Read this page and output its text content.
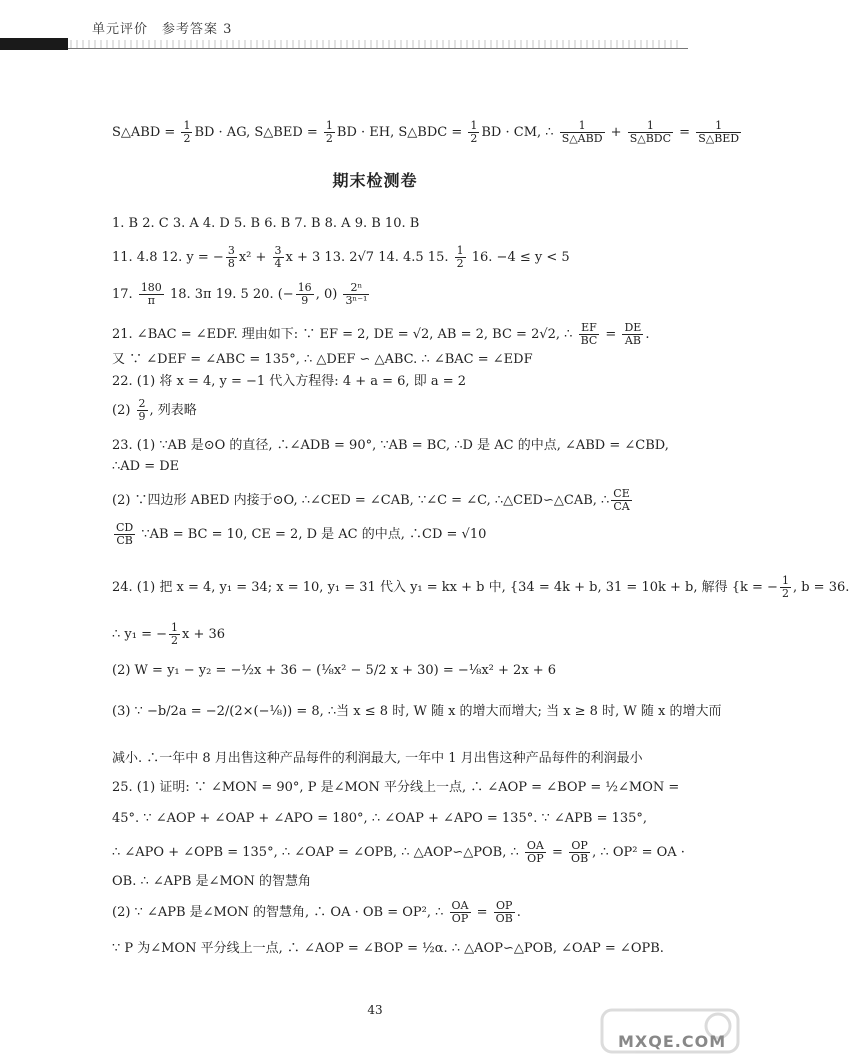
单元评价　参考答案 3
S△ABD = $\frac{1}{2}$ BD · AG, S△BED = $\frac{1}{2}$ BD · EH, S△BDC = $\frac{1}{2}$ BD · CM, ∴ $\frac{1}{\text{S△ABD}} + \frac{1}{\text{S△BDC}} = \frac{1}{\text{S△BED}}$
期末检测卷
1. B 2. C 3. A 4. D 5. B 6. B 7. B 8. A 9. B 10. B
11. 4.8 12. y = − $\frac{3}{8} x^2 + \frac{3}{4}$ x + 3 13. 2√7 14. 4.5 15. $\frac{1}{2} 16$. −4 ≤ y < 5
17. $\frac{180}{\pi} 18$. 3π 19. 5 20. (− $\frac{16}{9}$ , $0) \frac{\text{2ⁿ}}{\text{3ⁿ⁻¹}}$
21. ∠BAC = ∠EDF. 理由如下: ∵ EF = 2, DE = √2, AB = 2, BC = 2√2, ∴ $\frac{EF}{BC} = \frac{DE}{AB}$ .
又 ∵ ∠DEF = ∠ABC = 135°, ∴ △DEF ∽ △ABC. ∴ ∠BAC = ∠EDF
22. (1) 将 x = 4, y = −1 代入方程得: 4 + a = 6, 即 a = 2
$(2) \frac{2}{9}$ , 列表略
23. (1) ∵AB 是⊙O 的直径, ∴∠ADB = 90°, ∵AB = BC, ∴D 是 AC 的中点, ∠ABD = ∠CBD,
∴AD = DE
(2) ∵四边形 ABED 内接于⊙O, ∴∠CED = ∠CAB, ∵∠C = ∠C, ∴△CED∽△CAB, ∴ $\frac{CE}{CA}$
$\frac{CD}{CB}$ ∵AB = BC = 10, CE = 2, D 是 AC 的中点, ∴CD = √10
24. (1) 把 x = 4, y₁ = 34; x = 10, y₁ = 31 代入 y₁ = kx + b 中, {34 = 4k + b, 31 = 10k + b, 解得 {k = − $\frac{1}{2}$ , b = 36.
∴ y₁ = − $\frac{1}{2}$ x + 36
(2) W = y₁ − y₂ = −½x + 36 − (⅛x² − 5/2 x + 30) = −⅛x² + 2x + 6
(3) ∵ −b/2a = −2/(2×(−⅛)) = 8, ∴当 x ≤ 8 时, W 随 x 的增大而增大; 当 x ≥ 8 时, W 随 x 的增大而
减小. ∴一年中 8 月出售这种产品每件的利润最大, 一年中 1 月出售这种产品每件的利润最小
25. (1) 证明: ∵ ∠MON = 90°, P 是∠MON 平分线上一点, ∴ ∠AOP = ∠BOP = ½∠MON =
45°. ∵ ∠AOP + ∠OAP + ∠APO = 180°, ∴ ∠OAP + ∠APO = 135°. ∵ ∠APB = 135°,
∴ ∠APO + ∠OPB = 135°, ∴ ∠OAP = ∠OPB, ∴ △AOP∽△POB, ∴ $\frac{OA}{OP} = \frac{OP}{OB}$ , ∴ OP² = OA ·
OB. ∴ ∠APB 是∠MON 的智慧角
(2) ∵ ∠APB 是∠MON 的智慧角, ∴ OA · OB = OP², ∴ $\frac{OA}{OP} = \frac{OP}{OB}$ .
∵ P 为∠MON 平分线上一点, ∴ ∠AOP = ∠BOP = ½α. ∴ △AOP∽△POB, ∠OAP = ∠OPB.
43
MXQE.COM
